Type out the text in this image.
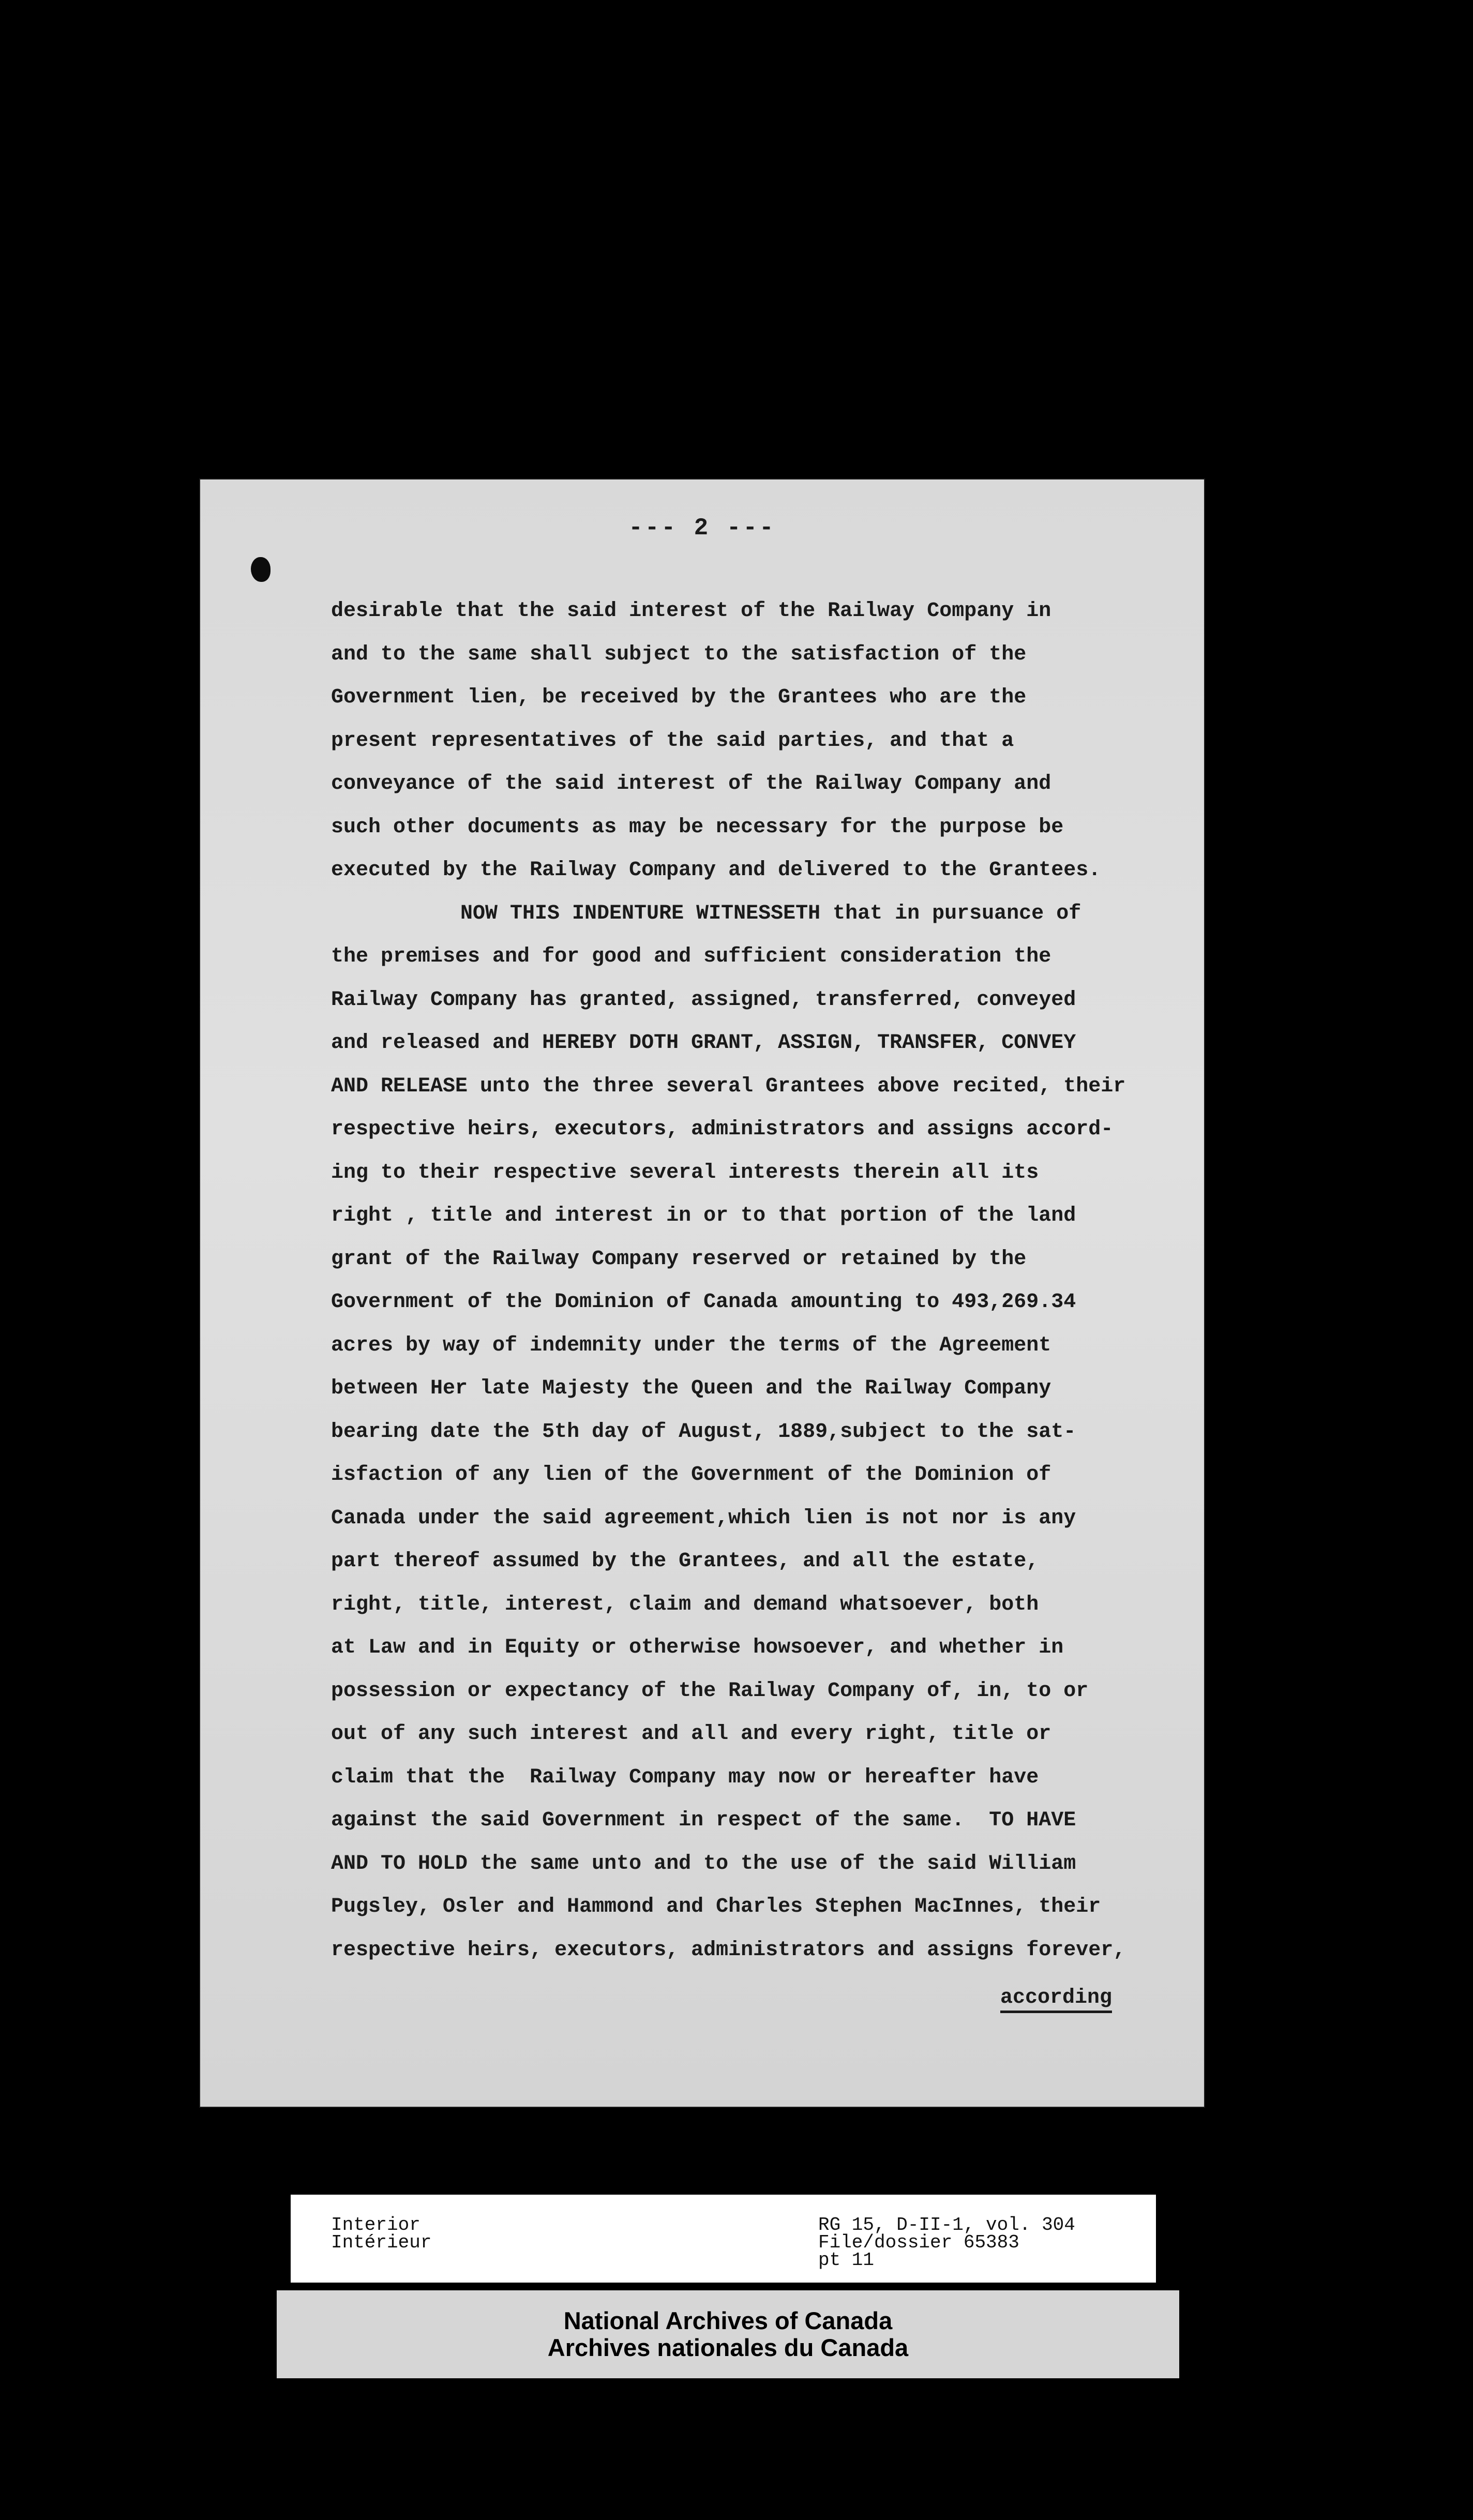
--- 2 ---
desirable that the said interest of the Railway Company in
and to the same shall subject to the satisfaction of the
Government lien, be received by the Grantees who are the
present representatives of the said parties, and that a
conveyance of the said interest of the Railway Company and
such other documents as may be necessary for the purpose be
executed by the Railway Company and delivered to the Grantees.
NOW THIS INDENTURE WITNESSETH that in pursuance of
the premises and for good and sufficient consideration the
Railway Company has granted, assigned, transferred, conveyed
and released and HEREBY DOTH GRANT, ASSIGN, TRANSFER, CONVEY
AND RELEASE unto the three several Grantees above recited, their
respective heirs, executors, administrators and assigns accord-
ing to their respective several interests therein all its
right , title and interest in or to that portion of the land
grant of the Railway Company reserved or retained by the
Government of the Dominion of Canada amounting to 493,269.34
acres by way of indemnity under the terms of the Agreement
between Her late Majesty the Queen and the Railway Company
bearing date the 5th day of August, 1889,subject to the sat-
isfaction of any lien of the Government of the Dominion of
Canada under the said agreement,which lien is not nor is any
part thereof assumed by the Grantees, and all the estate,
right, title, interest, claim and demand whatsoever, both
at Law and in Equity or otherwise howsoever, and whether in
possession or expectancy of the Railway Company of, in, to or
out of any such interest and all and every right, title or
claim that the  Railway Company may now or hereafter have
against the said Government in respect of the same.  TO HAVE
AND TO HOLD the same unto and to the use of the said William
Pugsley, Osler and Hammond and Charles Stephen MacInnes, their
respective heirs, executors, administrators and assigns forever,
according
Interior
Intérieur
RG 15, D-II-1, vol. 304
File/dossier 65383
pt 11
National Archives of Canada
Archives nationales du Canada
